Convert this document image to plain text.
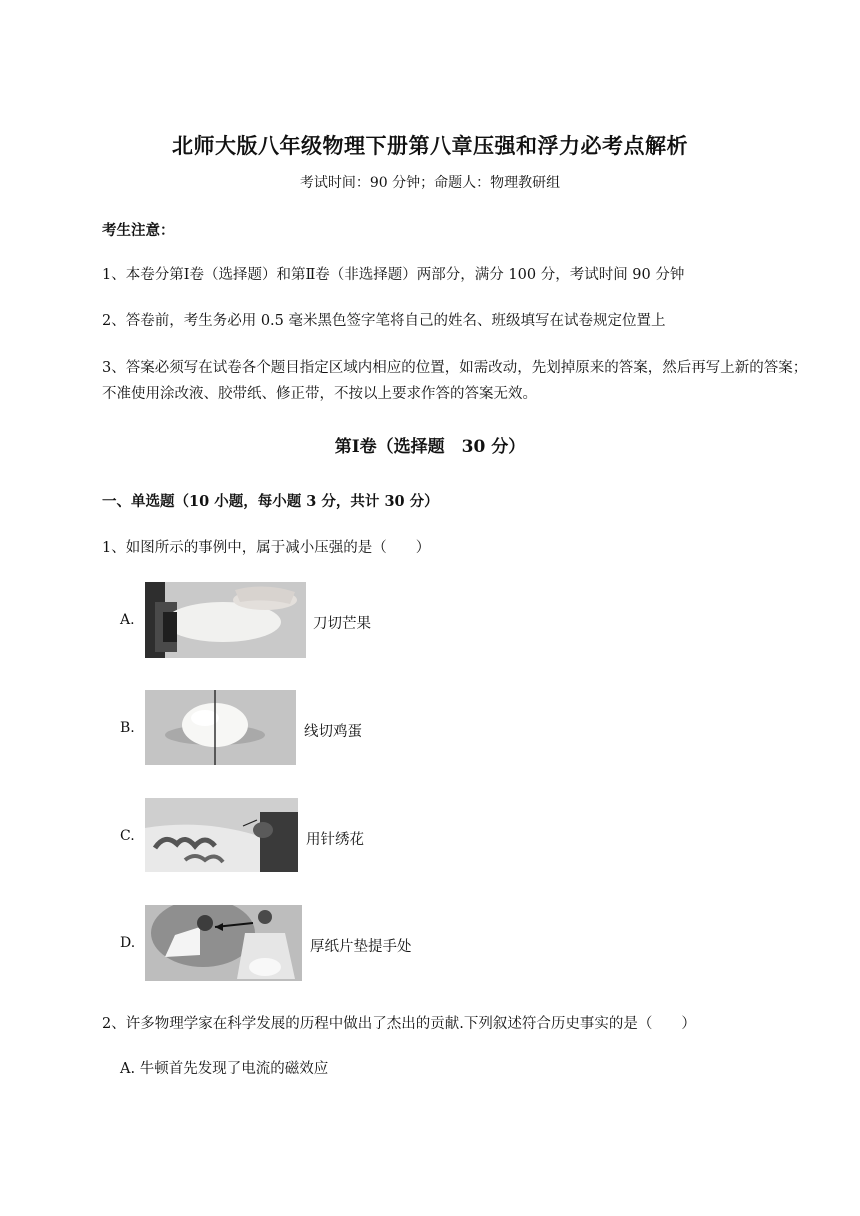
北师大版八年级物理下册第八章压强和浮力必考点解析
考试时间：90 分钟；命题人：物理教研组
考生注意：
1、本卷分第Ⅰ卷（选择题）和第Ⅱ卷（非选择题）两部分，满分 100 分，考试时间 90 分钟
2、答卷前，考生务必用 0.5 毫米黑色签字笔将自己的姓名、班级填写在试卷规定位置上
3、答案必须写在试卷各个题目指定区域内相应的位置，如需改动，先划掉原来的答案，然后再写上新的答案；不准使用涂改液、胶带纸、修正带，不按以上要求作答的答案无效。
第Ⅰ卷（选择题　30 分）
一、单选题（10 小题，每小题 3 分，共计 30 分）
1、如图所示的事例中，属于减小压强的是（　　）
A.	刀切芒果
B.	线切鸡蛋
C.	用针绣花
D.	厚纸片垫提手处
2、许多物理学家在科学发展的历程中做出了杰出的贡献.下列叙述符合历史事实的是（　　）
A. 牛顿首先发现了电流的磁效应
